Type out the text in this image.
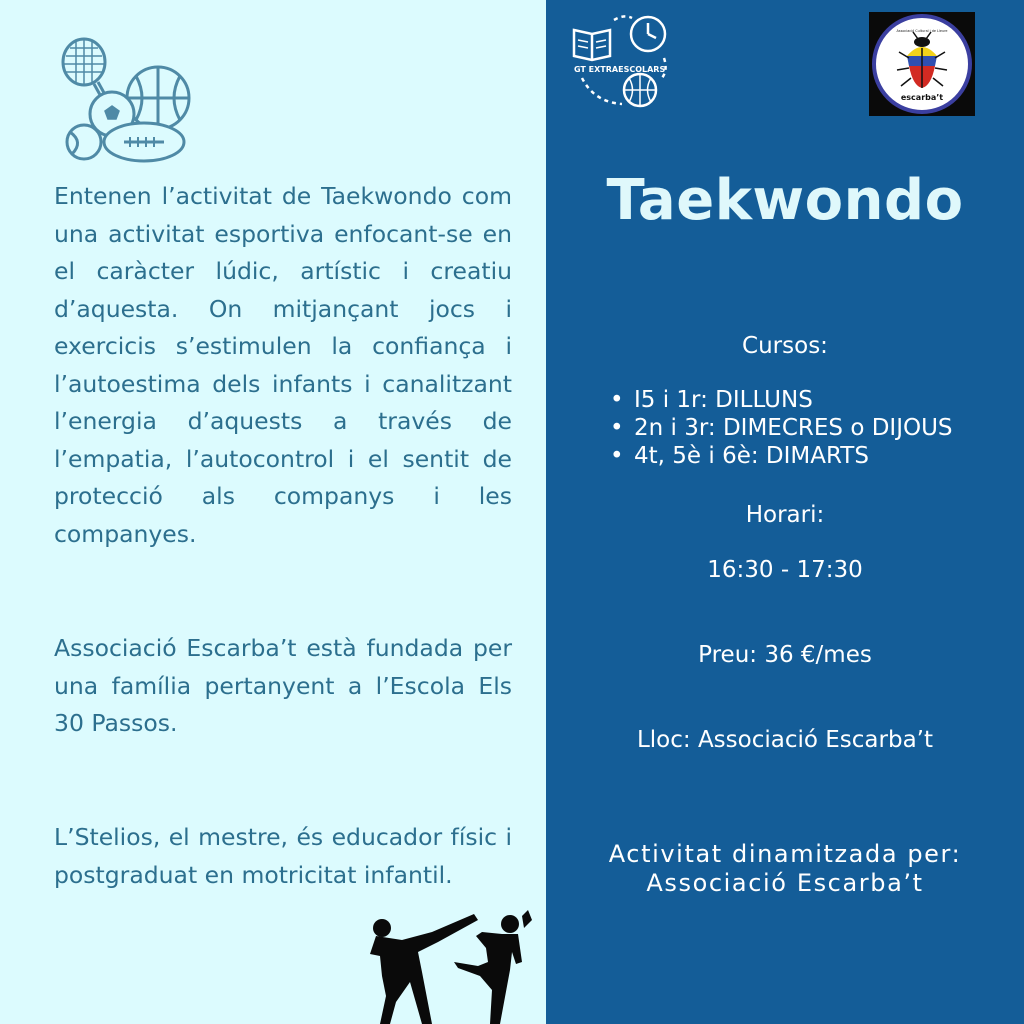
Entenen l’activitat de Taekwondo com una activitat esportiva enfocant-se en el caràcter lúdic, artístic i creatiu d’aquesta. On mitjançant jocs i exercicis s’estimulen la confiança i l’autoestima dels infants i canalitzant l’energia d’aquests a través de l’empatia, l’autocontrol i el sentit de protecció als companys i les companyes.

Associació Escarba’t està fundada per una família pertanyent a l’Escola Els 30 Passos.

L’Stelios, el mestre, és educador físic i postgraduat en motricitat infantil.

GT EXTRAESCOLARS
Associació Cultural i de Lleure
escarba’t
Taekwondo
Cursos:
• I5 i 1r: DILLUNS
• 2n i 3r: DIMECRES o DIJOUS
• 4t, 5è i 6è: DIMARTS
Horari:
16:30 - 17:30
Preu: 36 €/mes
Lloc: Associació Escarba’t
Activitat dinamitzada per:
Associació Escarba’t
